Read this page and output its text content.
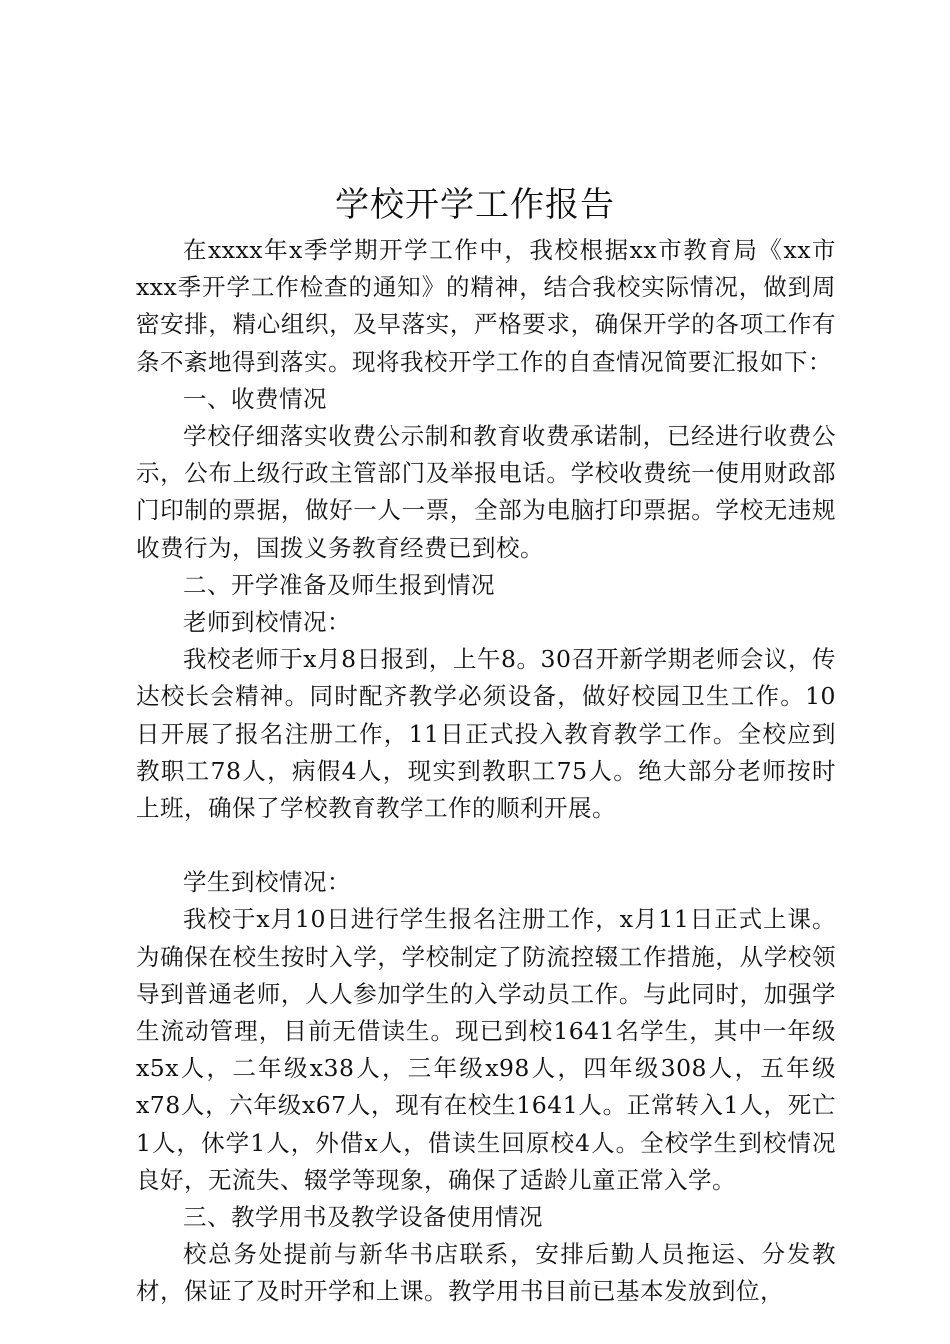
学校开学工作报告

在xxxx年x季学期开学工作中，我校根据xx市教育局《xx市xxx季开学工作检查的通知》的精神，结合我校实际情况，做到周密安排，精心组织，及早落实，严格要求，确保开学的各项工作有条不紊地得到落实。现将我校开学工作的自查情况简要汇报如下：

一、收费情况

学校仔细落实收费公示制和教育收费承诺制，已经进行收费公示，公布上级行政主管部门及举报电话。学校收费统一使用财政部门印制的票据，做好一人一票，全部为电脑打印票据。学校无违规收费行为，国拨义务教育经费已到校。

二、开学准备及师生报到情况

老师到校情况：

我校老师于x月8日报到，上午8。30召开新学期老师会议，传达校长会精神。同时配齐教学必须设备，做好校园卫生工作。10日开展了报名注册工作，11日正式投入教育教学工作。全校应到教职工78人，病假4人，现实到教职工75人。绝大部分老师按时上班，确保了学校教育教学工作的顺利开展。

学生到校情况：

我校于x月10日进行学生报名注册工作，x月11日正式上课。为确保在校生按时入学，学校制定了防流控辍工作措施，从学校领导到普通老师，人人参加学生的入学动员工作。与此同时，加强学生流动管理，目前无借读生。现已到校1641名学生，其中一年级x5x人，二年级x38人，三年级x98人，四年级308人，五年级x78人，六年级x67人，现有在校生1641人。正常转入1人，死亡1人，休学1人，外借x人，借读生回原校4人。全校学生到校情况良好，无流失、辍学等现象，确保了适龄儿童正常入学。

三、教学用书及教学设备使用情况

校总务处提前与新华书店联系，安排后勤人员拖运、分发教材，保证了及时开学和上课。教学用书目前已基本发放到位，
